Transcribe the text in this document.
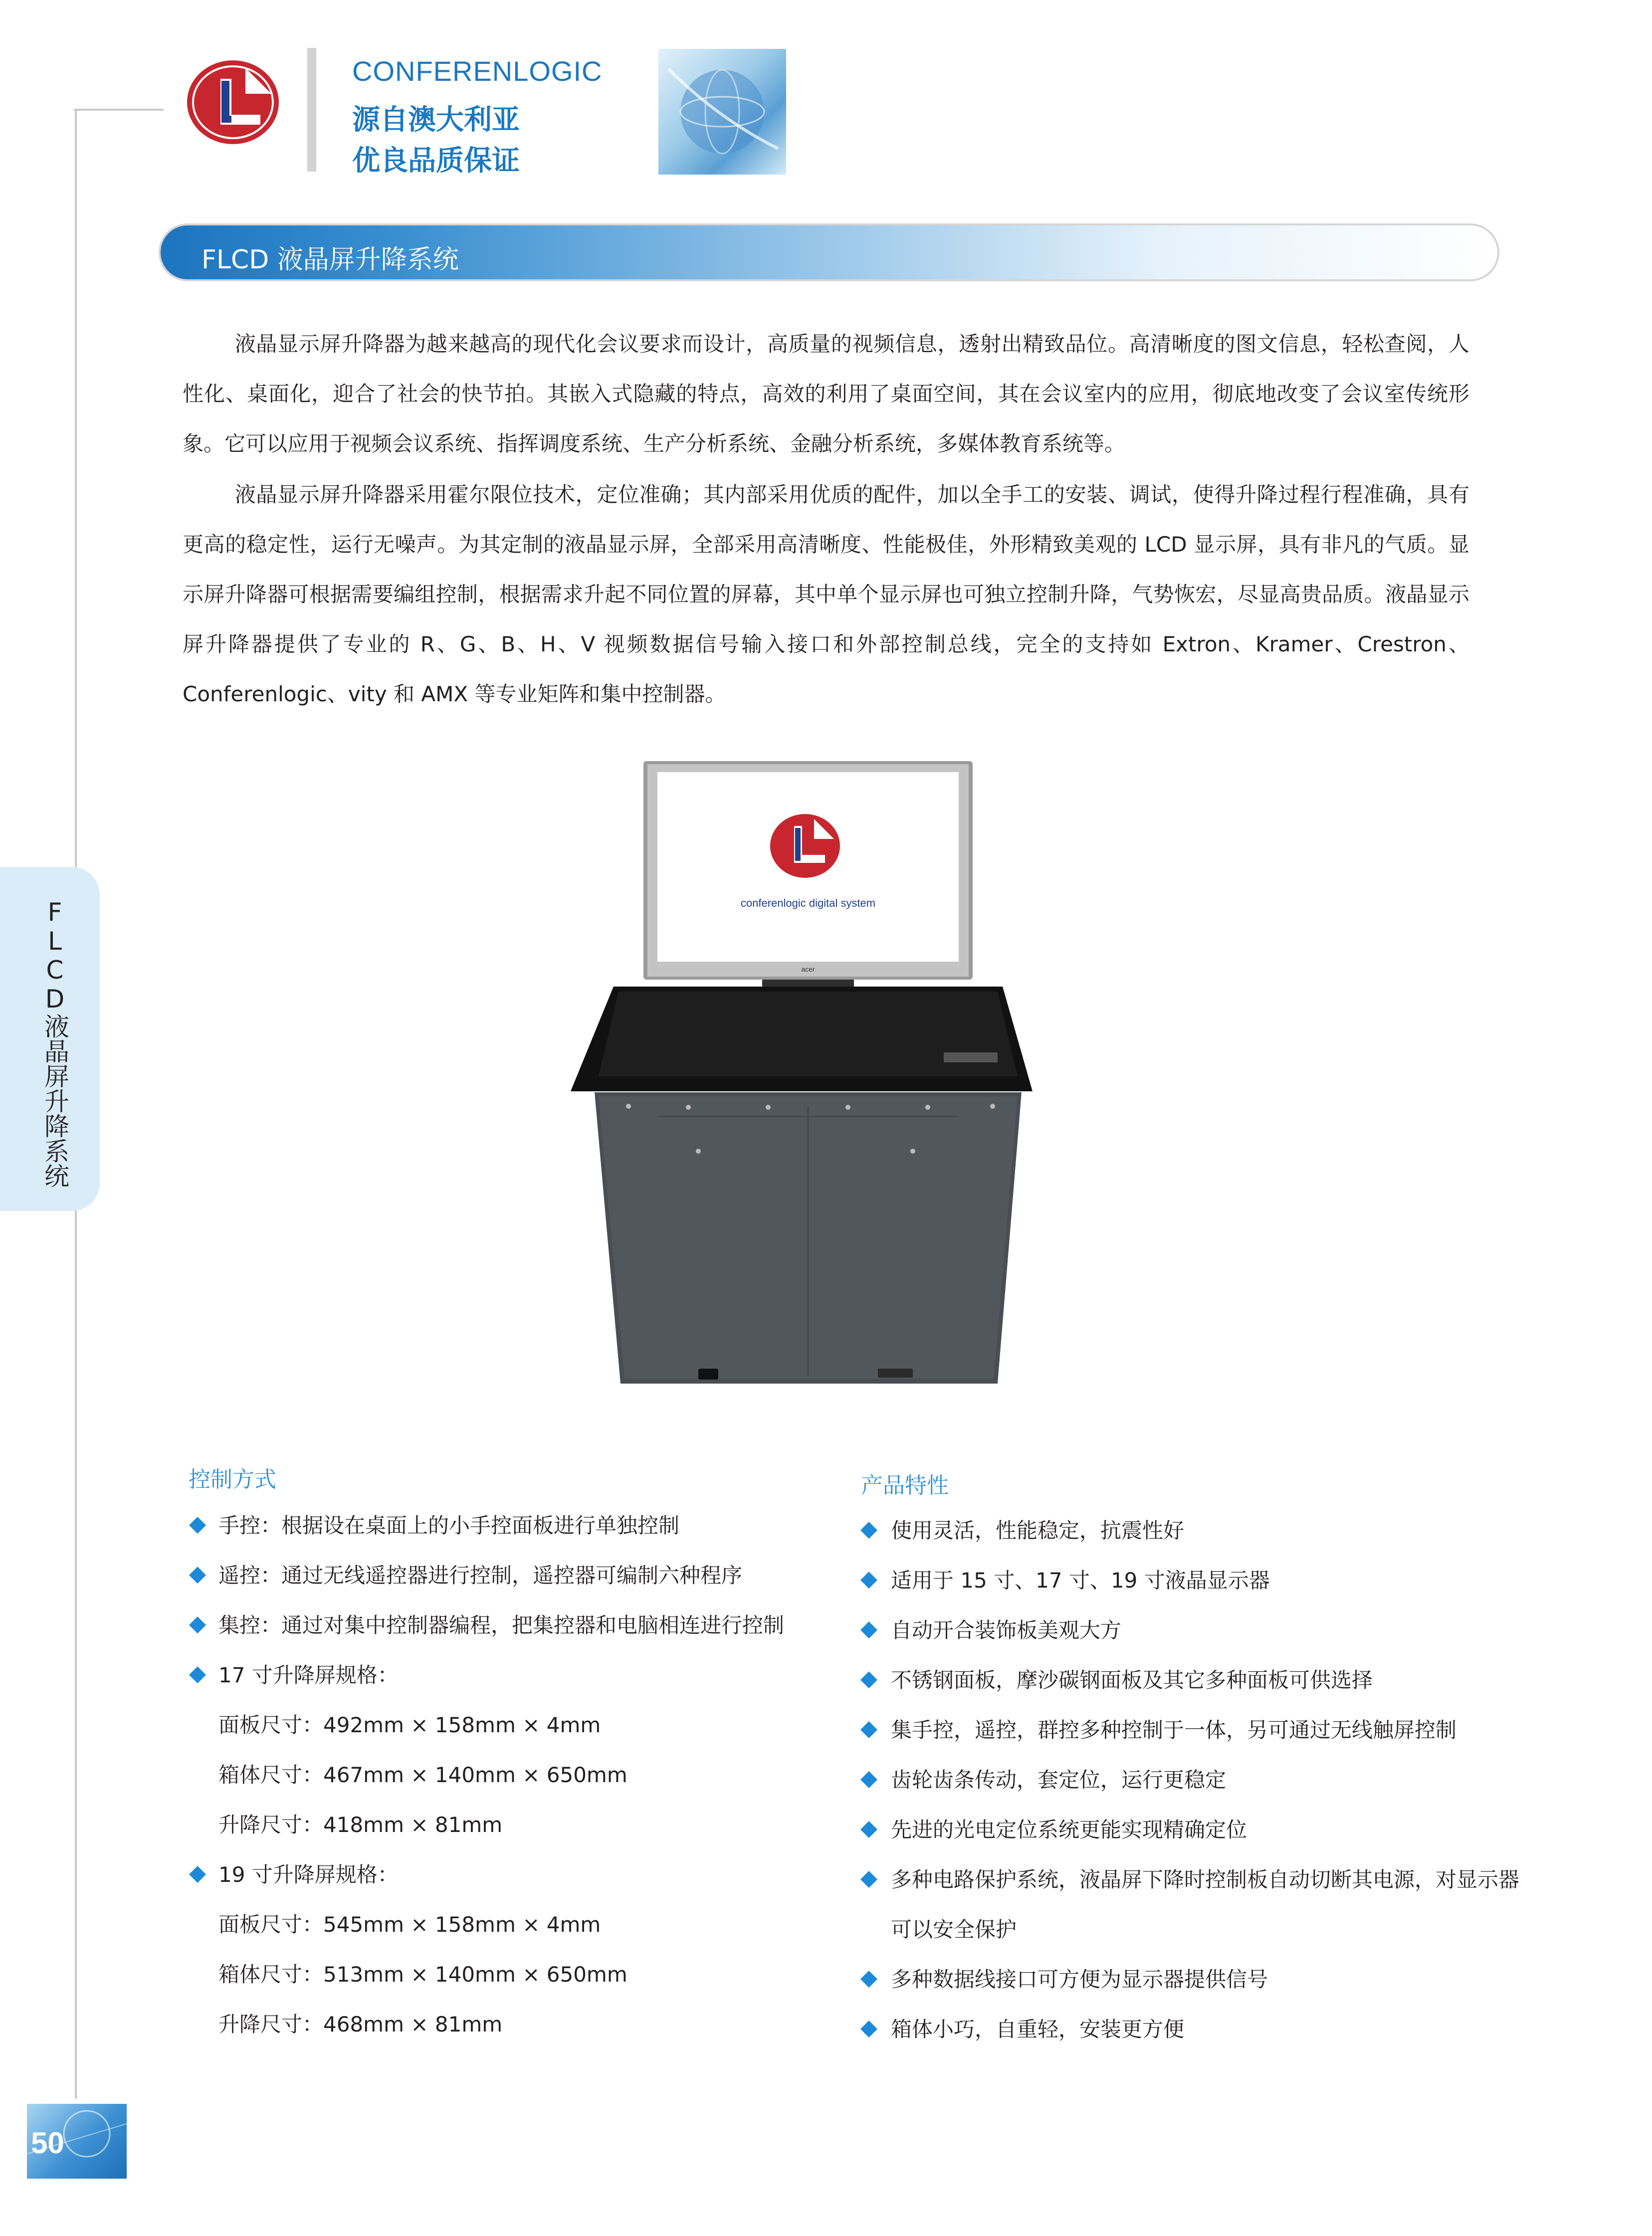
CONFERENLOGIC
源自澳大利亚
优良品质保证
FLCD 液晶屏升降系统
液晶显示屏升降器为越来越高的现代化会议要求而设计，高质量的视频信息，透射出精致品位。高清晰度的图文信息，轻松查阅，人性化、桌面化，迎合了社会的快节拍。其嵌入式隐藏的特点，高效的利用了桌面空间，其在会议室内的应用，彻底地改变了会议室传统形象。它可以应用于视频会议系统、指挥调度系统、生产分析系统、金融分析系统，多媒体教育系统等。
液晶显示屏升降器采用霍尔限位技术，定位准确；其内部采用优质的配件，加以全手工的安装、调试，使得升降过程行程准确，具有更高的稳定性，运行无噪声。为其定制的液晶显示屏，全部采用高清晰度、性能极佳，外形精致美观的 LCD 显示屏，具有非凡的气质。显示屏升降器可根据需要编组控制，根据需求升起不同位置的屏幕，其中单个显示屏也可独立控制升降，气势恢宏，尽显高贵品质。液晶显示屏升降器提供了专业的 R、G、B、H、V 视频数据信号输入接口和外部控制总线，完全的支持如 Extron、Kramer、Crestron、Conferenlogic、vity 和 AMX 等专业矩阵和集中控制器。
FLCD液晶屏升降系统	acer
conferenlogic digital system
控制方式
手控：根据设在桌面上的小手控面板进行单独控制
遥控：通过无线遥控器进行控制，遥控器可编制六种程序
集控：通过对集中控制器编程，把集控器和电脑相连进行控制
17 寸升降屏规格：
面板尺寸：492mm × 158mm × 4mm
箱体尺寸：467mm × 140mm × 650mm
升降尺寸：418mm × 81mm
19 寸升降屏规格：
面板尺寸：545mm × 158mm × 4mm
箱体尺寸：513mm × 140mm × 650mm
升降尺寸：468mm × 81mm
产品特性
使用灵活，性能稳定，抗震性好
适用于 15 寸、17 寸、19 寸液晶显示器
自动开合装饰板美观大方
不锈钢面板，摩沙碳钢面板及其它多种面板可供选择
集手控，遥控，群控多种控制于一体，另可通过无线触屏控制
齿轮齿条传动，套定位，运行更稳定
先进的光电定位系统更能实现精确定位
多种电路保护系统，液晶屏下降时控制板自动切断其电源，对显示器
可以安全保护
多种数据线接口可方便为显示器提供信号
箱体小巧，自重轻，安装更方便
50
